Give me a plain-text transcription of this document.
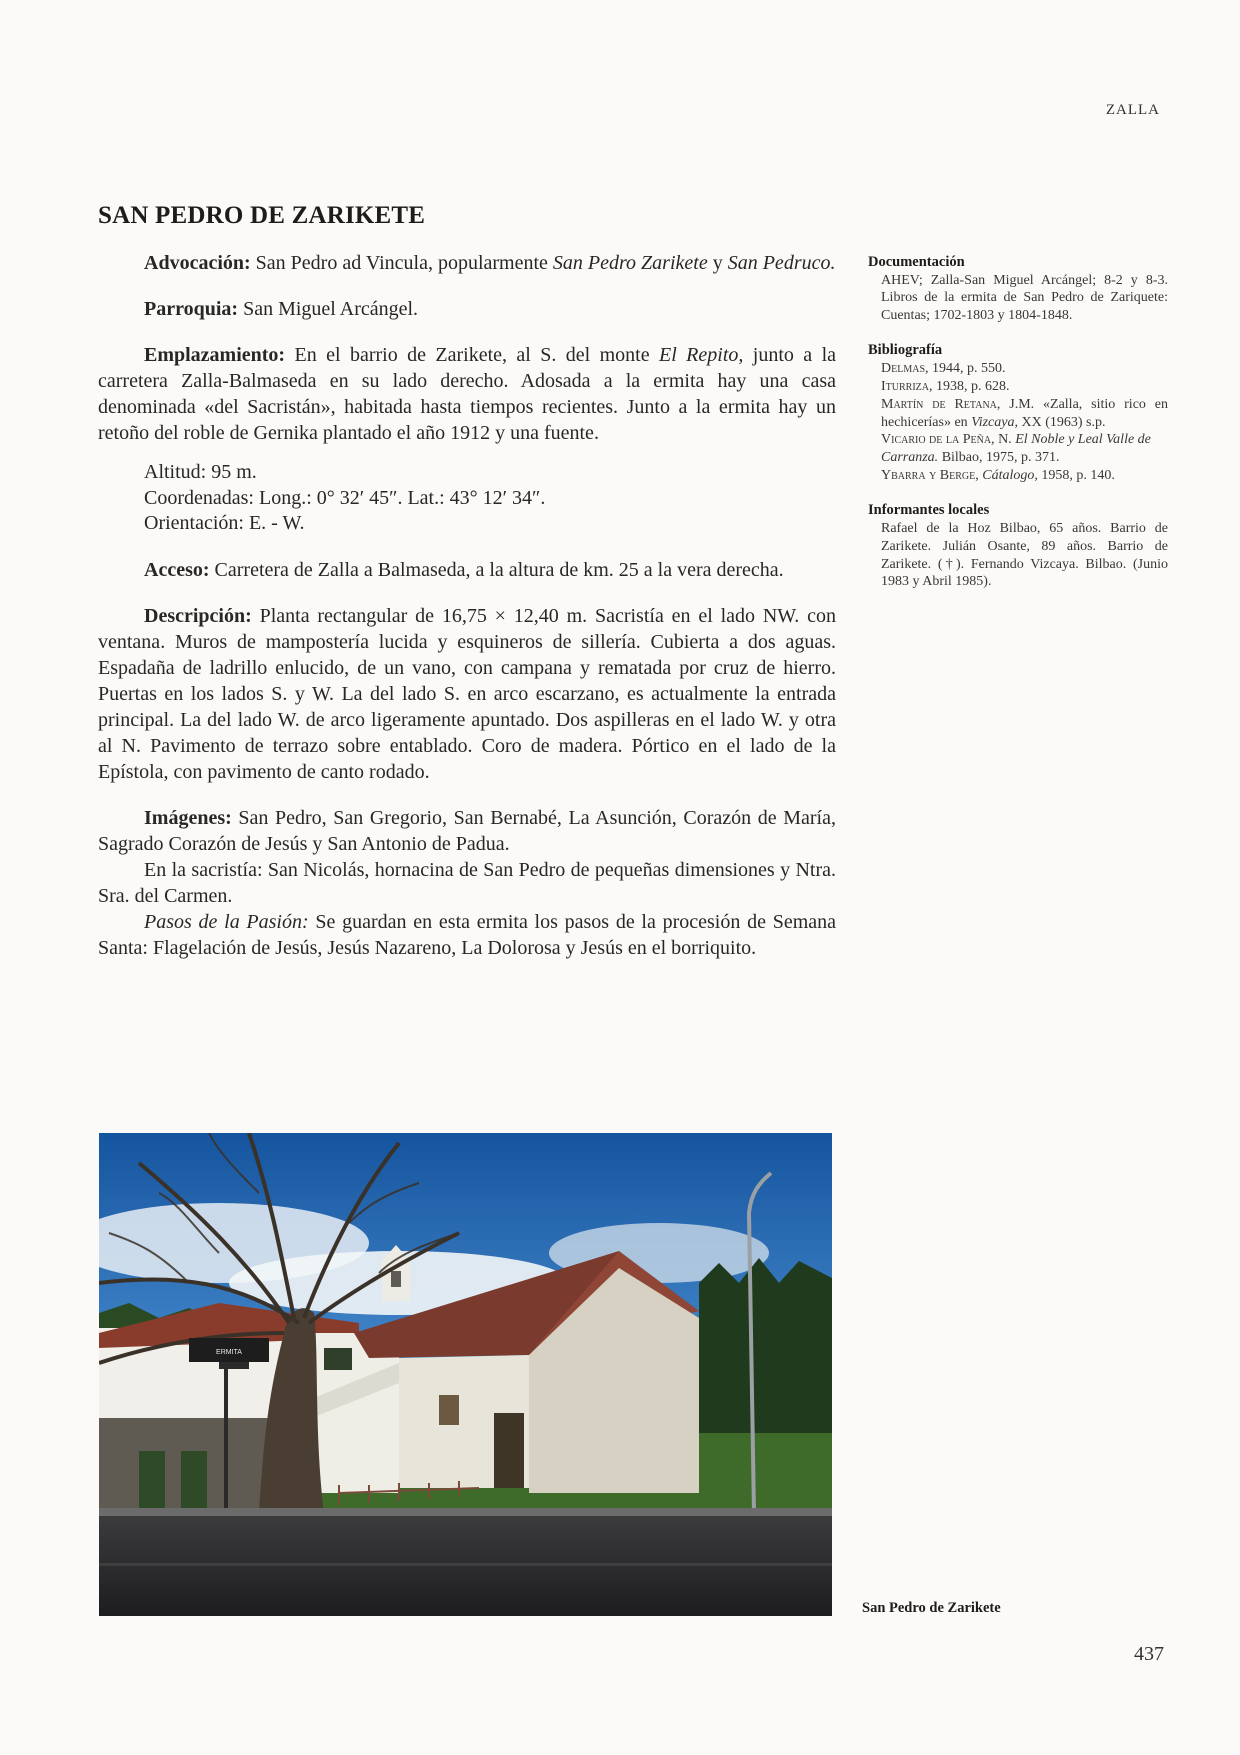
ZALLA
SAN PEDRO DE ZARIKETE

Advocación: San Pedro ad Vincula, popularmente San Pedro Zarikete y San Pedruco.

Parroquia: San Miguel Arcángel.

Emplazamiento: En el barrio de Zarikete, al S. del monte El Repito, junto a la carretera Zalla-Balmaseda en su lado derecho. Adosada a la ermita hay una casa denominada «del Sacristán», habitada hasta tiempos recientes. Junto a la ermita hay un retoño del roble de Gernika plantado el año 1912 y una fuente.

Altitud: 95 m.
Coordenadas: Long.: 0° 32′ 45″. Lat.: 43° 12′ 34″.
Orientación: E. - W.

Acceso: Carretera de Zalla a Balmaseda, a la altura de km. 25 a la vera derecha.

Descripción: Planta rectangular de 16,75 × 12,40 m. Sacristía en el lado NW. con ventana. Muros de mampostería lucida y esquineros de sillería. Cubierta a dos aguas. Espadaña de ladrillo enlucido, de un vano, con campana y rematada por cruz de hierro. Puertas en los lados S. y W. La del lado S. en arco escarzano, es actualmente la entrada principal. La del lado W. de arco ligeramente apuntado. Dos aspilleras en el lado W. y otra al N. Pavimento de terrazo sobre entablado. Coro de madera. Pórtico en el lado de la Epístola, con pavimento de canto rodado.

Imágenes: San Pedro, San Gregorio, San Bernabé, La Asunción, Corazón de María, Sagrado Corazón de Jesús y San Antonio de Padua.

En la sacristía: San Nicolás, hornacina de San Pedro de pequeñas dimensiones y Ntra. Sra. del Carmen.

Pasos de la Pasión: Se guardan en esta ermita los pasos de la procesión de Semana Santa: Flagelación de Jesús, Jesús Nazareno, La Dolorosa y Jesús en el borriquito.

Documentación
AHEV; Zalla-San Miguel Arcángel; 8-2 y 8-3. Libros de la ermita de San Pedro de Zariquete: Cuentas; 1702-1803 y 1804-1848.
Bibliografía
Delmas, 1944, p. 550.
Iturriza, 1938, p. 628.
Martín de Retana, J.M. «Zalla, sitio rico en hechicerías» en Vizcaya, XX (1963) s.p.
Vicario de la Peña, N. El Noble y Leal Valle de Carranza. Bilbao, 1975, p. 371.
Ybarra y Berge, Cátalogo, 1958, p. 140.
Informantes locales
Rafael de la Hoz Bilbao, 65 años. Barrio de Zarikete. Julián Osante, 89 años. Barrio de Zarikete. (†). Fernando Vizcaya. Bilbao. (Junio 1983 y Abril 1985).
ERMITA
San Pedro de Zarikete
437
